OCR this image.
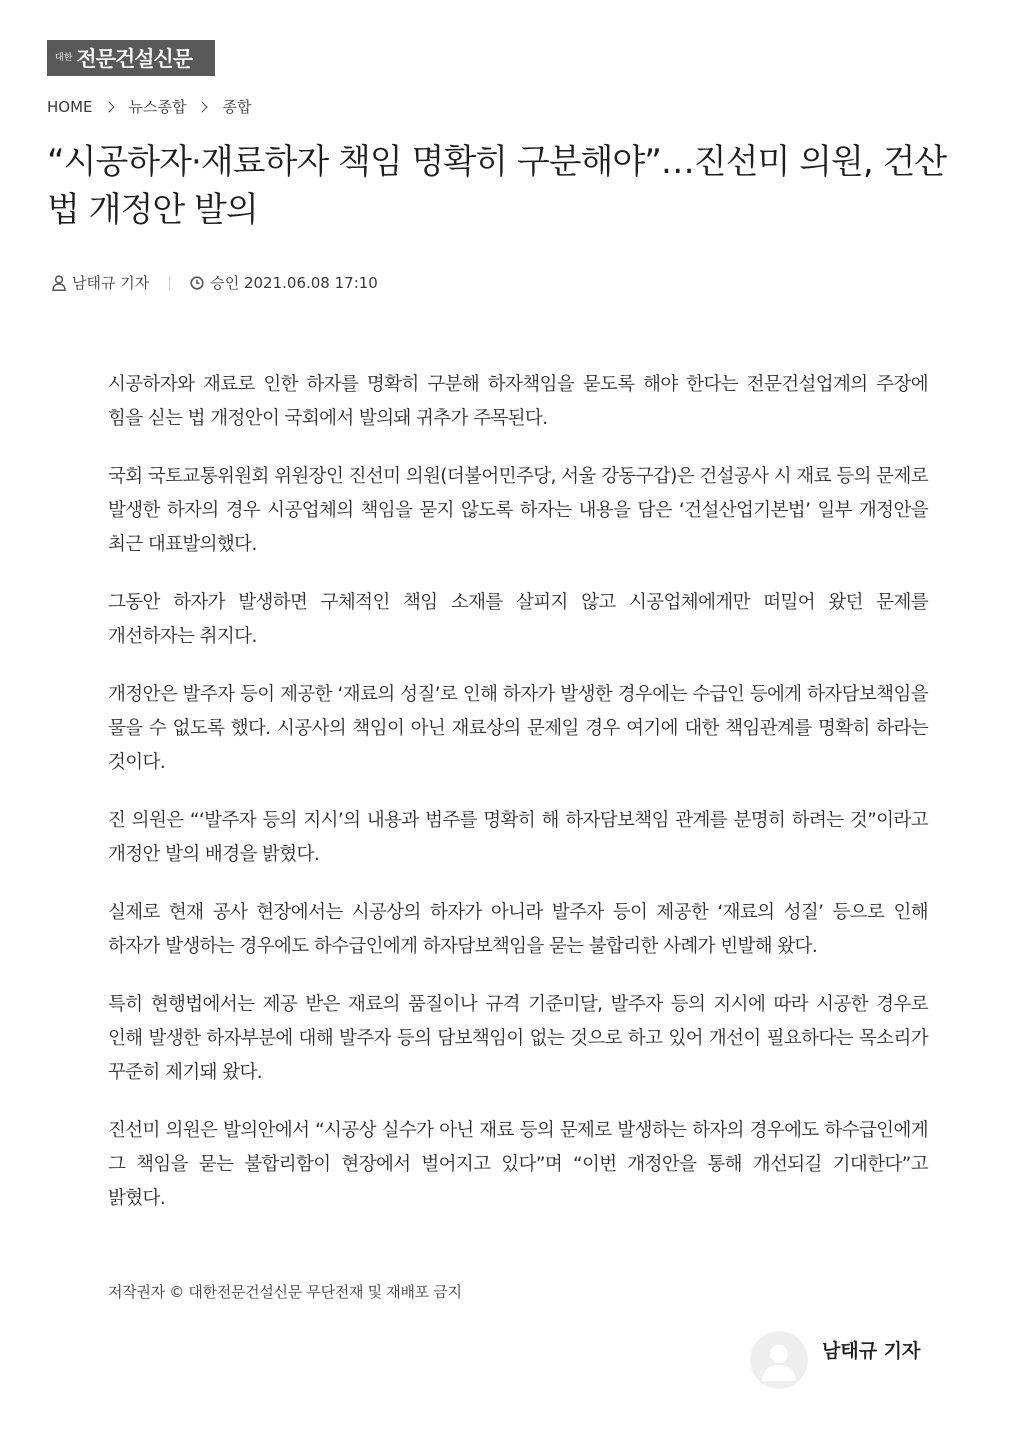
대한 전문건설신문
HOME 뉴스종합 종합
“시공하자·재료하자 책임 명확히 구분해야”…진선미 의원, 건산법 개정안 발의
남태규 기자	승인 2021.06.08 17:10

시공하자와 재료로 인한 하자를 명확히 구분해 하자책임을 묻도록 해야 한다는 전문건설업계의 주장에 힘을 싣는 법 개정안이 국회에서 발의돼 귀추가 주목된다.

국회 국토교통위원회 위원장인 진선미 의원(더불어민주당, 서울 강동구갑)은 건설공사 시 재료 등의 문제로 발생한 하자의 경우 시공업체의 책임을 묻지 않도록 하자는 내용을 담은 ‘건설산업기본법’ 일부 개정안을 최근 대표발의했다.

그동안 하자가 발생하면 구체적인 책임 소재를 살피지 않고 시공업체에게만 떠밀어 왔던 문제를 개선하자는 취지다.

개정안은 발주자 등이 제공한 ‘재료의 성질’로 인해 하자가 발생한 경우에는 수급인 등에게 하자담보책임을 물을 수 없도록 했다. 시공사의 책임이 아닌 재료상의 문제일 경우 여기에 대한 책임관계를 명확히 하라는 것이다.

진 의원은 “‘발주자 등의 지시’의 내용과 범주를 명확히 해 하자담보책임 관계를 분명히 하려는 것”이라고 개정안 발의 배경을 밝혔다.

실제로 현재 공사 현장에서는 시공상의 하자가 아니라 발주자 등이 제공한 ‘재료의 성질’ 등으로 인해 하자가 발생하는 경우에도 하수급인에게 하자담보책임을 묻는 불합리한 사례가 빈발해 왔다.

특히 현행법에서는 제공 받은 재료의 품질이나 규격 기준미달, 발주자 등의 지시에 따라 시공한 경우로 인해 발생한 하자부분에 대해 발주자 등의 담보책임이 없는 것으로 하고 있어 개선이 필요하다는 목소리가 꾸준히 제기돼 왔다.

진선미 의원은 발의안에서 “시공상 실수가 아닌 재료 등의 문제로 발생하는 하자의 경우에도 하수급인에게 그 책임을 묻는 불합리함이 현장에서 벌어지고 있다”며 “이번 개정안을 통해 개선되길 기대한다”고 밝혔다.

저작권자 © 대한전문건설신문 무단전재 및 재배포 금지
남태규 기자
